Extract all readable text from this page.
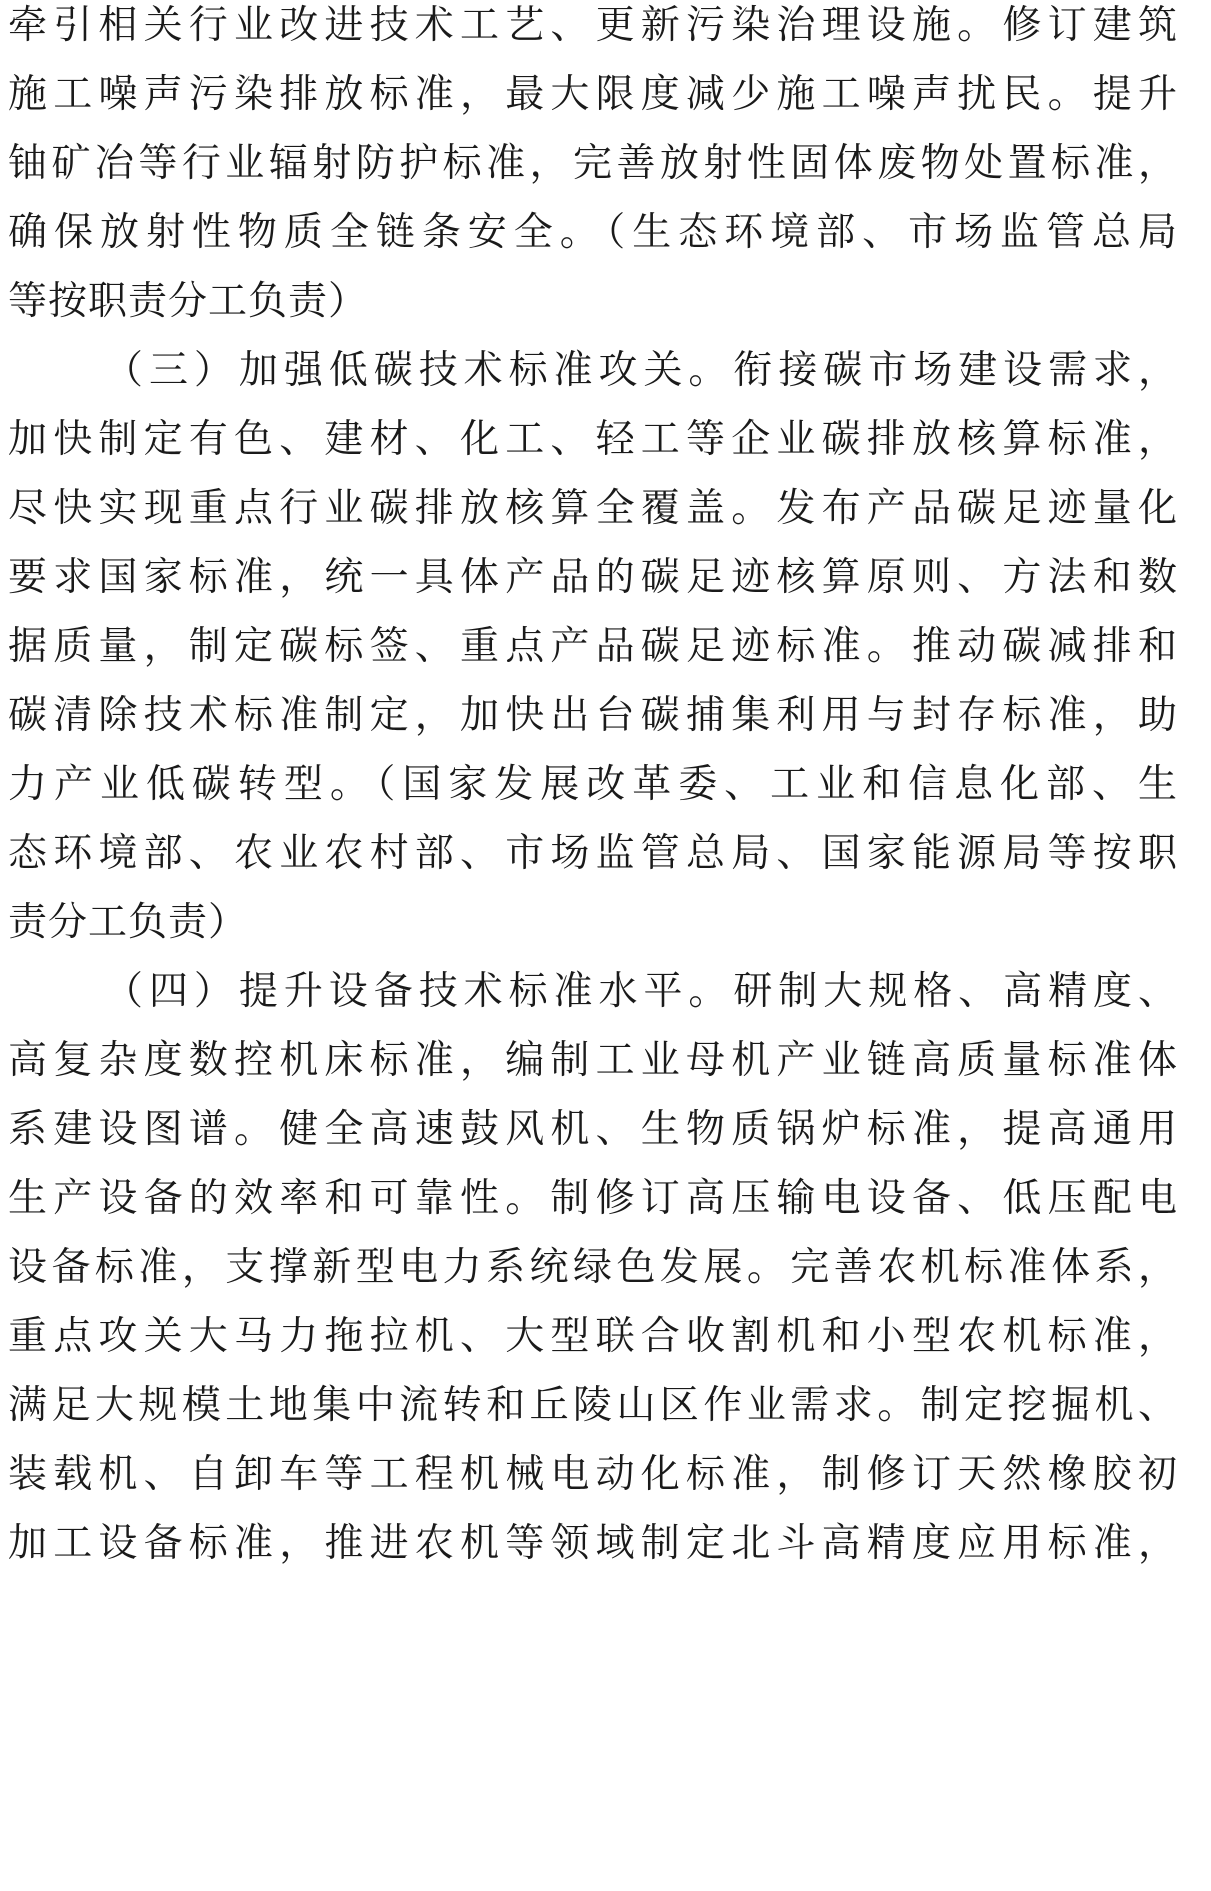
牵引相关行业改进技术工艺、更新污染治理设施。修订建筑
施工噪声污染排放标准，最大限度减少施工噪声扰民。提升
铀矿冶等行业辐射防护标准，完善放射性固体废物处置标准，
确保放射性物质全链条安全。（生态环境部、市场监管总局
等按职责分工负责）
（三）加强低碳技术标准攻关。衔接碳市场建设需求，
加快制定有色、建材、化工、轻工等企业碳排放核算标准，
尽快实现重点行业碳排放核算全覆盖。发布产品碳足迹量化
要求国家标准，统一具体产品的碳足迹核算原则、方法和数
据质量，制定碳标签、重点产品碳足迹标准。推动碳减排和
碳清除技术标准制定，加快出台碳捕集利用与封存标准，助
力产业低碳转型。（国家发展改革委、工业和信息化部、生
态环境部、农业农村部、市场监管总局、国家能源局等按职
责分工负责）
（四）提升设备技术标准水平。研制大规格、高精度、
高复杂度数控机床标准，编制工业母机产业链高质量标准体
系建设图谱。健全高速鼓风机、生物质锅炉标准，提高通用
生产设备的效率和可靠性。制修订高压输电设备、低压配电
设备标准，支撑新型电力系统绿色发展。完善农机标准体系，
重点攻关大马力拖拉机、大型联合收割机和小型农机标准，
满足大规模土地集中流转和丘陵山区作业需求。制定挖掘机、
装载机、自卸车等工程机械电动化标准，制修订天然橡胶初
加工设备标准，推进农机等领域制定北斗高精度应用标准，
